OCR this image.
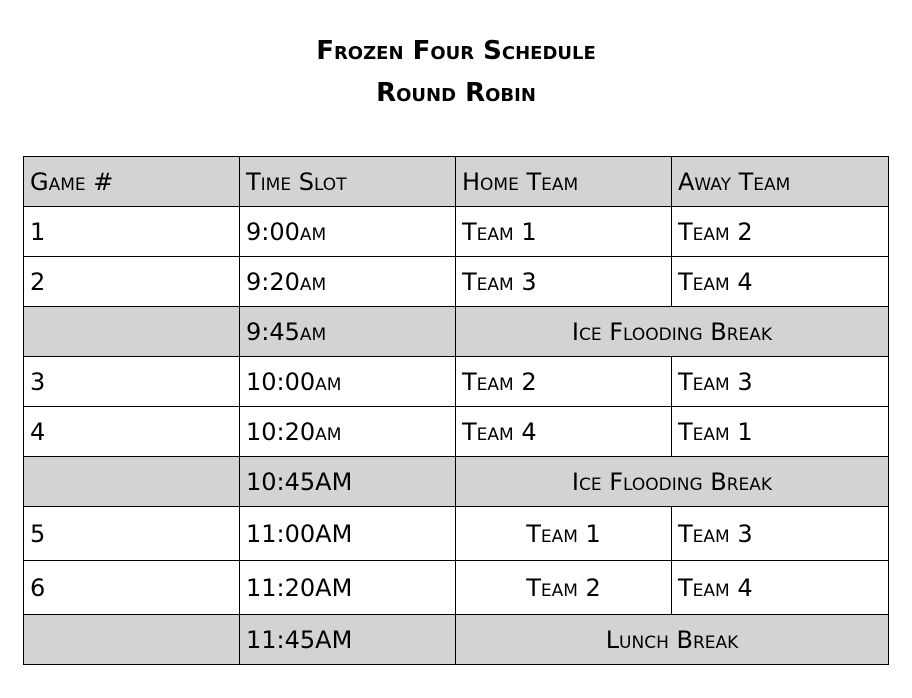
Frozen Four Schedule
Round Robin
Game #	Time Slot	Home Team	Away Team
1	9:00am	Team 1	Team 2
2	9:20am	Team 3	Team 4
	9:45am	Ice Flooding Break	
3	10:00am	Team 2	Team 3
4	10:20am	Team 4	Team 1
	10:45AM	Ice Flooding Break	
5	11:00AM	Team 1	Team 3
6	11:20AM	Team 2	Team 4
	11:45AM	Lunch Break	
